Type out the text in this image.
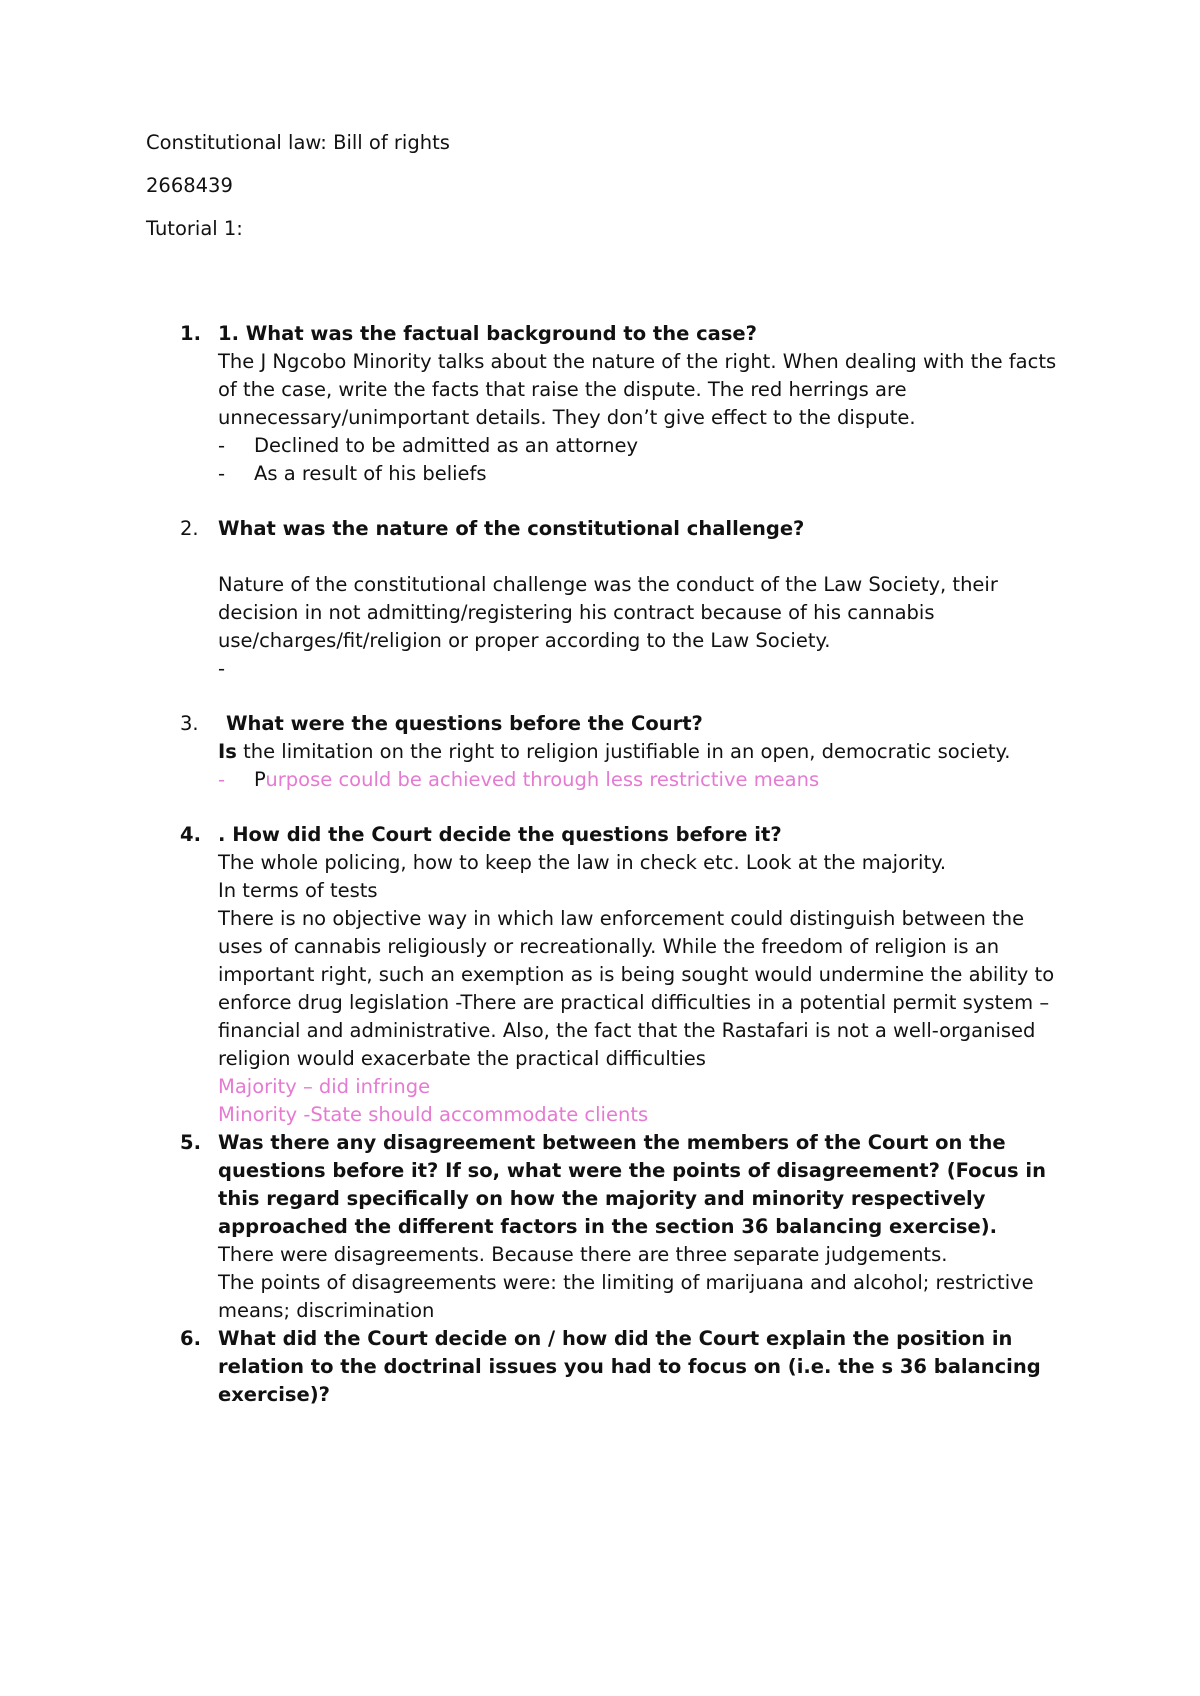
Constitutional law: Bill of rights

2668439

Tutorial 1:

1. 1. What was the factual background to the case?
The J Ngcobo Minority talks about the nature of the right. When dealing with the facts of the case, write the facts that raise the dispute. The red herrings are unnecessary/unimportant details. They don’t give effect to the dispute.
- Declined to be admitted as an attorney
- As a result of his beliefs
2. What was the nature of the constitutional challenge?
Nature of the constitutional challenge was the conduct of the Law Society, their decision in not admitting/registering his contract because of his cannabis use/charges/fit/religion or proper according to the Law Society.
-
3.	What were the questions before the Court?
Is the limitation on the right to religion justifiable in an open, democratic society.
- Purpose could be achieved through less restrictive means
4. . How did the Court decide the questions before it?
The whole policing, how to keep the law in check etc. Look at the majority.
In terms of tests
There is no objective way in which law enforcement could distinguish between the uses of cannabis religiously or recreationally. While the freedom of religion is an important right, such an exemption as is being sought would undermine the ability to enforce drug legislation -There are practical difficulties in a potential permit system – financial and administrative. Also, the fact that the Rastafari is not a well-organised religion would exacerbate the practical difficulties
Majority – did infringe
Minority -State should accommodate clients
5. Was there any disagreement between the members of the Court on the questions before it? If so, what were the points of disagreement? (Focus in this regard specifically on how the majority and minority respectively approached the different factors in the section 36 balancing exercise).
There were disagreements. Because there are three separate judgements.
The points of disagreements were: the limiting of marijuana and alcohol; restrictive means; discrimination
6. What did the Court decide on / how did the Court explain the position in relation to the doctrinal issues you had to focus on (i.e. the s 36 balancing exercise)?
